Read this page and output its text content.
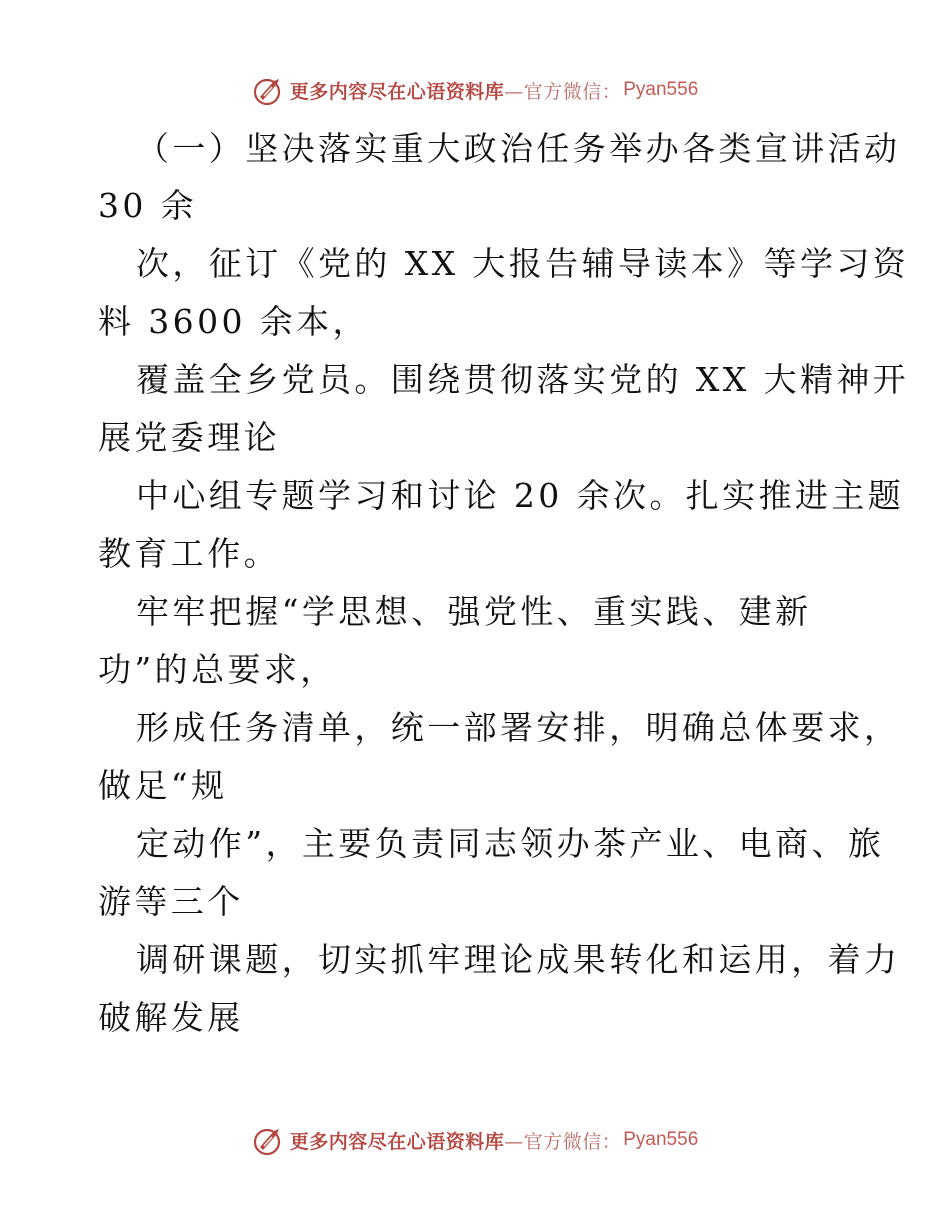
更多内容尽在心语资料库—官方微信： Pyan556
（一）坚决落实重大政治任务举办各类宣讲活动
30 余
次，征订《党的 XX 大报告辅导读本》等学习资
料 3600 余本，
覆盖全乡党员。围绕贯彻落实党的 XX 大精神开
展党委理论
中心组专题学习和讨论 20 余次。扎实推进主题
教育工作。
牢牢把握“学思想、强党性、重实践、建新
功”的总要求，
形成任务清单，统一部署安排，明确总体要求，
做足“规
定动作”，主要负责同志领办茶产业、电商、旅
游等三个
调研课题，切实抓牢理论成果转化和运用，着力
破解发展
更多内容尽在心语资料库—官方微信： Pyan556
